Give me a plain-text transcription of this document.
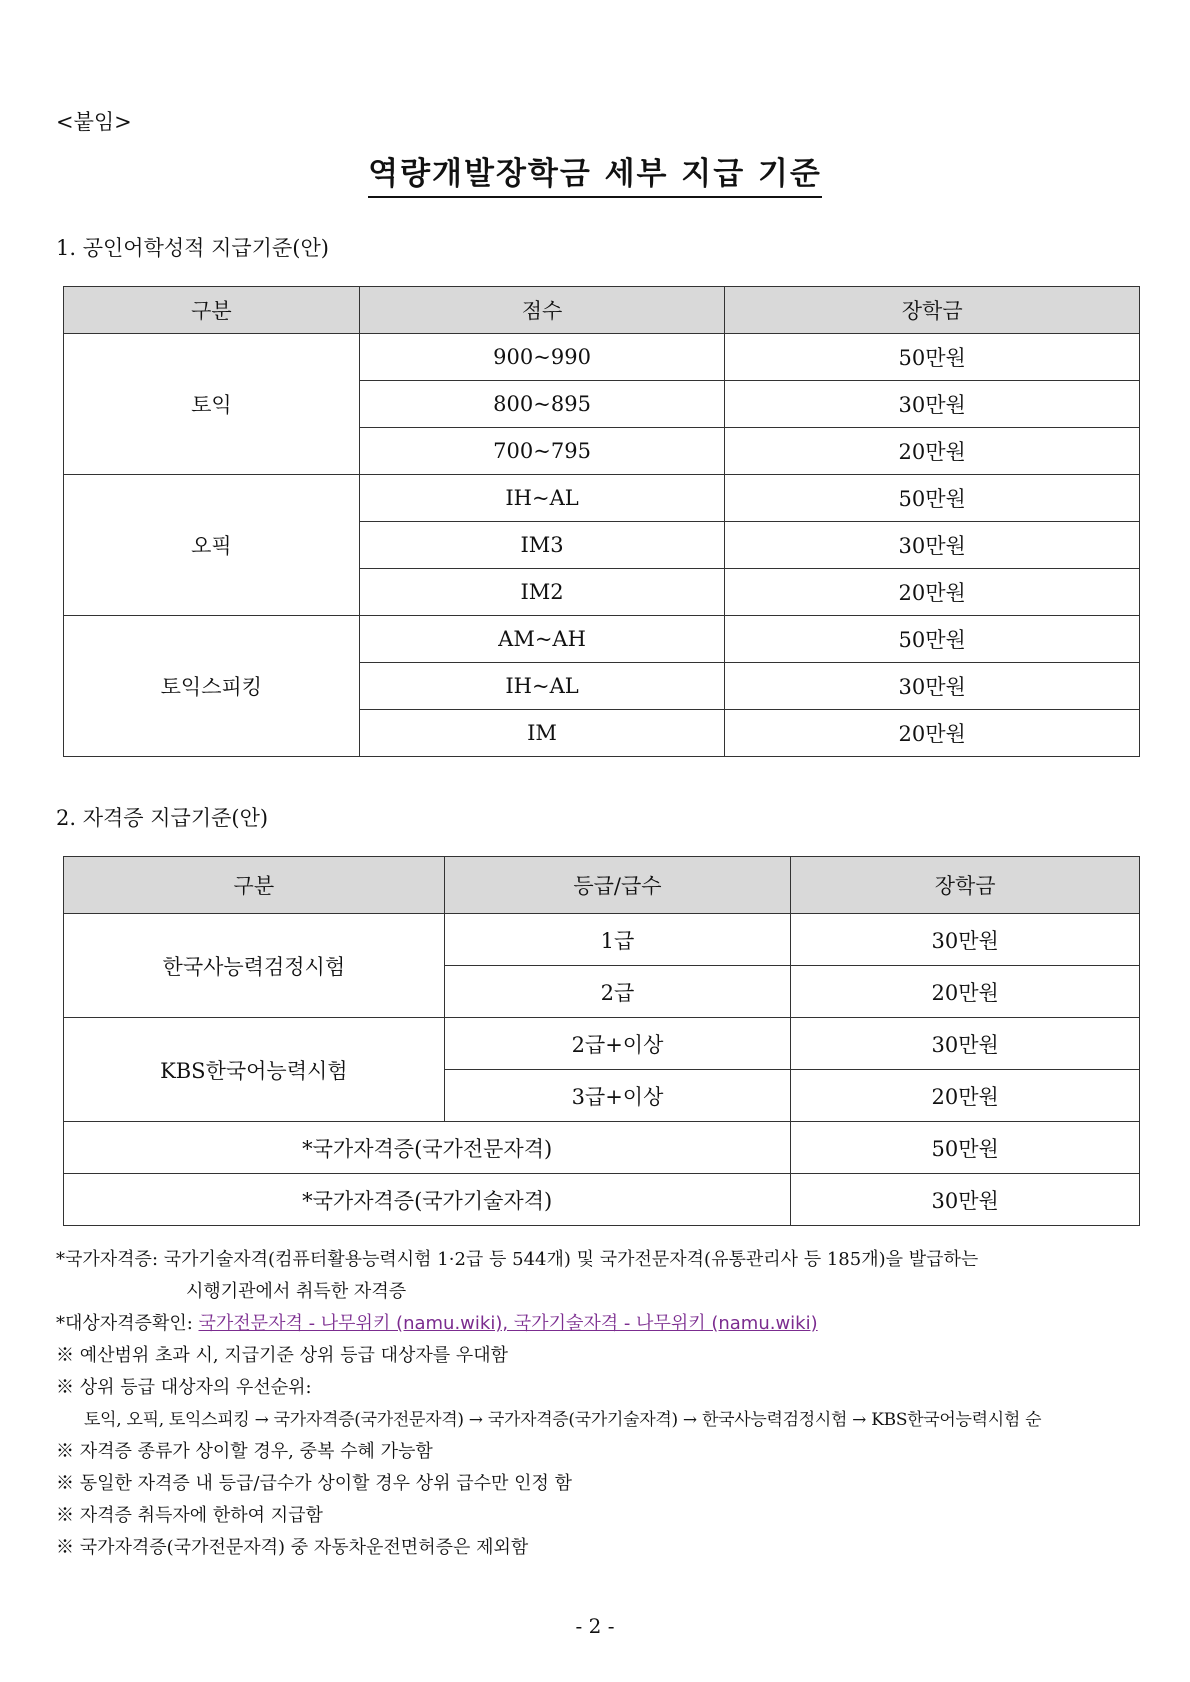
<붙임>
역량개발장학금 세부 지급 기준
1. 공인어학성적 지급기준(안)
구분	점수	장학금
토익	900~990	50만원
	800~895	30만원
	700~795	20만원
오픽	IH~AL	50만원
	IM3	30만원
	IM2	20만원
토익스피킹	AM~AH	50만원
	IH~AL	30만원
	IM	20만원
2. 자격증 지급기준(안)
구분	등급/급수	장학금
한국사능력검정시험	1급	30만원
	2급	20만원
KBS한국어능력시험	2급+이상	30만원
	3급+이상	20만원
*국가자격증(국가전문자격)		50만원
*국가자격증(국가기술자격)		30만원

*국가자격증: 국가기술자격(컴퓨터활용능력시험 1·2급 등 544개) 및 국가전문자격(유통관리사 등 185개)을 발급하는

시행기관에서 취득한 자격증

*대상자격증확인: 국가전문자격 - 나무위키 (namu.wiki), 국가기술자격 - 나무위키 (namu.wiki)

※ 예산범위 초과 시, 지급기준 상위 등급 대상자를 우대함

※ 상위 등급 대상자의 우선순위:

토익, 오픽, 토익스피킹 → 국가자격증(국가전문자격) → 국가자격증(국가기술자격) → 한국사능력검정시험 → KBS한국어능력시험 순

※ 자격증 종류가 상이할 경우, 중복 수혜 가능함

※ 동일한 자격증 내 등급/급수가 상이할 경우 상위 급수만 인정 함

※ 자격증 취득자에 한하여 지급함

※ 국가자격증(국가전문자격) 중 자동차운전면허증은 제외함

- 2 -
